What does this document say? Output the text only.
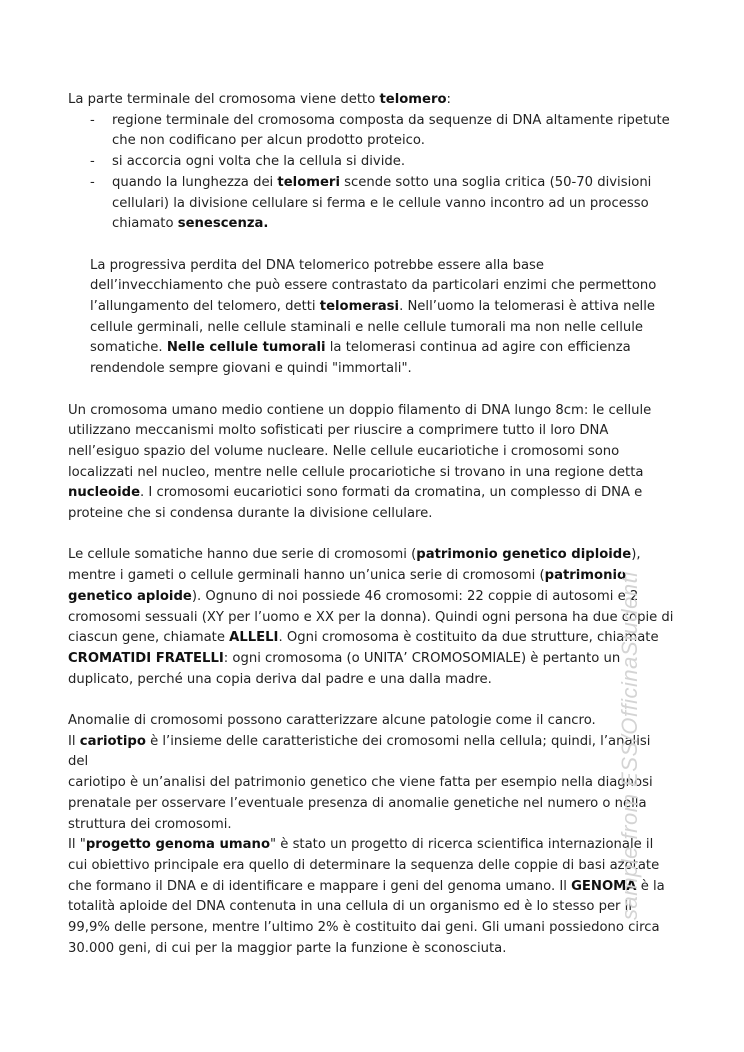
La parte terminale del cromosoma viene detto telomero:

- regione terminale del cromosoma composta da sequenze di DNA altamente ripetute che non codificano per alcun prodotto proteico.
- si accorcia ogni volta che la cellula si divide.
- quando la lunghezza dei telomeri scende sotto una soglia critica (50-70 divisioni cellulari) la divisione cellulare si ferma e le cellule vanno incontro ad un processo chiamato senescenza.

La progressiva perdita del DNA telomerico potrebbe essere alla base dell’invecchiamento che può essere contrastato da particolari enzimi che permettono l’allungamento del telomero, detti telomerasi. Nell’uomo la telomerasi è attiva nelle cellule germinali, nelle cellule staminali e nelle cellule tumorali ma non nelle cellule somatiche. Nelle cellule tumorali la telomerasi continua ad agire con efficienza rendendole sempre giovani e quindi "immortali".

Un cromosoma umano medio contiene un doppio filamento di DNA lungo 8cm: le cellule utilizzano meccanismi molto sofisticati per riuscire a comprimere tutto il loro DNA nell’esiguo spazio del volume nucleare. Nelle cellule eucariotiche i cromosomi sono localizzati nel nucleo, mentre nelle cellule procariotiche si trovano in una regione detta nucleoide. I cromosomi eucariotici sono formati da cromatina, un complesso di DNA e proteine che si condensa durante la divisione cellulare.

Le cellule somatiche hanno due serie di cromosomi (patrimonio genetico diploide), mentre i gameti o cellule germinali hanno un’unica serie di cromosomi (patrimonio genetico aploide). Ognuno di noi possiede 46 cromosomi: 22 coppie di autosomi e 2 cromosomi sessuali (XY per l’uomo e XX per la donna). Quindi ogni persona ha due copie di ciascun gene, chiamate ALLELI. Ogni cromosoma è costituito da due strutture, chiamate CROMATIDI FRATELLI: ogni cromosoma (o UNITA’ CROMOSOMIALE) è pertanto un duplicato, perché una copia deriva dal padre e una dalla madre.

Anomalie di cromosomi possono caratterizzare alcune patologie come il cancro.

Il cariotipo è l’insieme delle caratteristiche dei cromosomi nella cellula; quindi, l’analisi del

cariotipo è un’analisi del patrimonio genetico che viene fatta per esempio nella diagnosi prenatale per osservare l’eventuale presenza di anomalie genetiche nel numero o nella struttura dei cromosomi.

Il "progetto genoma umano" è stato un progetto di ricerca scientifica internazionale il cui obiettivo principale era quello di determinare la sequenza delle coppie di basi azotate che formano il DNA e di identificare e mappare i geni del genoma umano. Il GENOMA è la totalità aploide del DNA contenuta in una cellula di un organismo ed è lo stesso per il 99,9% delle persone, mentre l’ultimo 2% è costituito dai geni. Gli umani possiedono circa 30.000 geni, di cui per la maggior parte la funzione è sconosciuta.

sample from ESS/OfficinaStudenti
